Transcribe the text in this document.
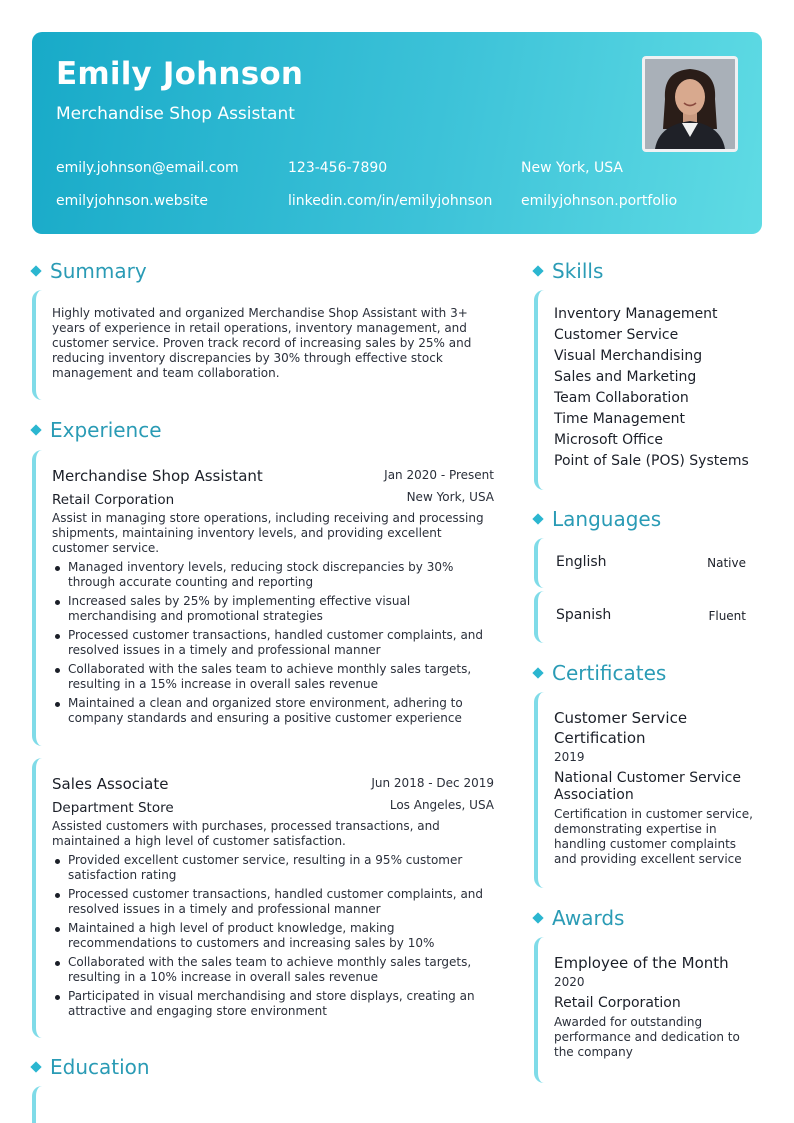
Emily Johnson
Merchandise Shop Assistant
emily.johnson@email.com	123-456-7890	New York, USA
emilyjohnson.website	linkedin.com/in/emilyjohnson emilyjohnson.portfolio
Summary
Highly motivated and organized Merchandise Shop Assistant with 3+ years of experience in retail operations, inventory management, and customer service. Proven track record of increasing sales by 25% and reducing inventory discrepancies by 30% through effective stock management and team collaboration.
Experience
Merchandise Shop Assistant	Jan 2020 - Present
Retail Corporation	New York, USA
Assist in managing store operations, including receiving and processing shipments, maintaining inventory levels, and providing excellent customer service.
Managed inventory levels, reducing stock discrepancies by 30% through accurate counting and reporting
Increased sales by 25% by implementing effective visual merchandising and promotional strategies
Processed customer transactions, handled customer complaints, and resolved issues in a timely and professional manner
Collaborated with the sales team to achieve monthly sales targets, resulting in a 15% increase in overall sales revenue
Maintained a clean and organized store environment, adhering to company standards and ensuring a positive customer experience
Sales Associate	Jun 2018 - Dec 2019
Department Store	Los Angeles, USA
Assisted customers with purchases, processed transactions, and maintained a high level of customer satisfaction.
Provided excellent customer service, resulting in a 95% customer satisfaction rating
Processed customer transactions, handled customer complaints, and resolved issues in a timely and professional manner
Maintained a high level of product knowledge, making recommendations to customers and increasing sales by 10%
Collaborated with the sales team to achieve monthly sales targets, resulting in a 10% increase in overall sales revenue
Participated in visual merchandising and store displays, creating an attractive and engaging store environment
Education
Skills
Inventory Management
Customer Service
Visual Merchandising
Sales and Marketing
Team Collaboration
Time Management
Microsoft Office
Point of Sale (POS) Systems
Languages
English	Native
Spanish	Fluent
Certificates
Customer Service Certification
2019
National Customer Service Association
Certification in customer service, demonstrating expertise in handling customer complaints and providing excellent service
Awards
Employee of the Month
2020
Retail Corporation
Awarded for outstanding performance and dedication to the company
